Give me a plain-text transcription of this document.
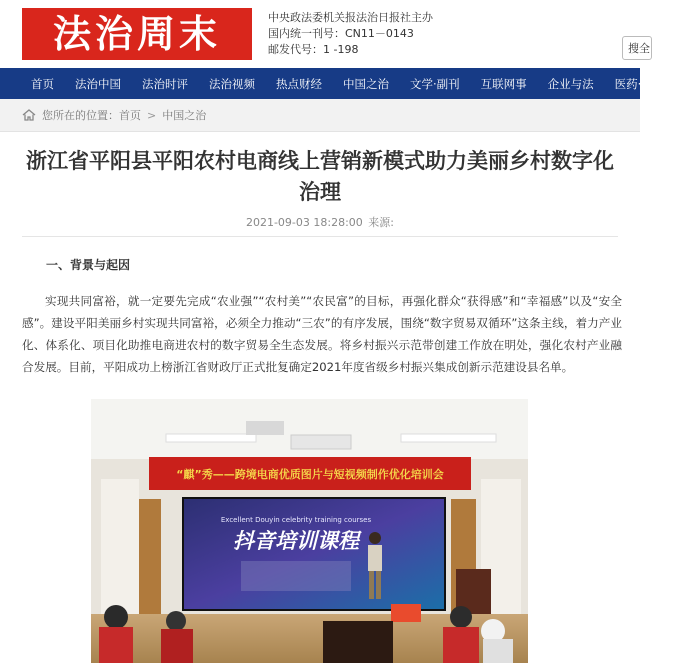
法治周末	中央政法委机关报法治日报社主办
国内统一刊号：CN11－0143
邮发代号：1 -198	搜全
首页 法治中国 法治时评 法治视频 热点财经 中国之治 文学·副刊 互联网事 企业与法 医药·健康 文
您所在的位置： 首页 > 中国之治
浙江省平阳县平阳农村电商线上营销新模式助力美丽乡村数字化治理
2021-09-03 18:28:00 来源:
一、背景与起因

实现共同富裕，就一定要先完成“农业强”“农村美”“农民富”的目标，再强化群众“获得感”和“幸福感”以及“安全感”。建设平阳美丽乡村实现共同富裕，必须全力推动“三农”的有序发展，围绕“数字贸易双循环”这条主线，着力产业化、体系化、项目化助推电商进农村的数字贸易全生态发展。将乡村振兴示范带创建工作放在明处，强化农村产业融合发展。目前，平阳成功上榜浙江省财政厅正式批复确定2021年度省级乡村振兴集成创新示范建设县名单。

“麒”秀——跨境电商优质图片与短视频制作优化培训会
Excellent Douyin celebrity training courses
抖音培训课程
